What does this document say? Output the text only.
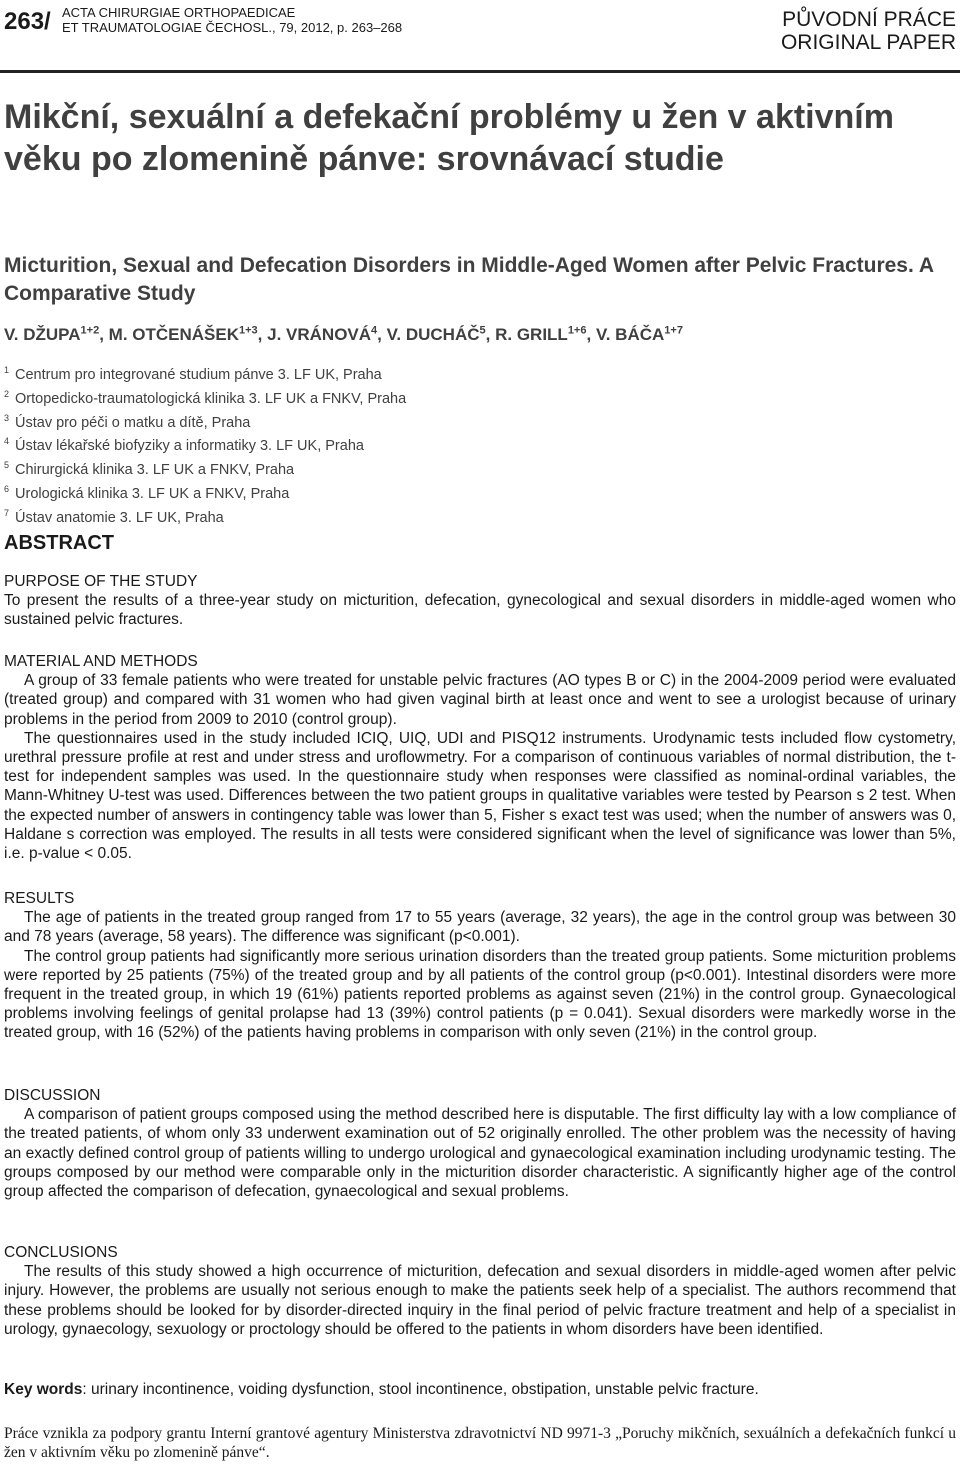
263/ ACTA CHIRURGIAE ORTHOPAEDICAE
ET TRAUMATOLOGIAE ČECHOSL., 79, 2012, p. 263–268	PŮVODNÍ PRÁCE
ORIGINAL PAPER
Mikční, sexuální a defekační problémy u žen v aktivním věku po zlomenině pánve: srovnávací studie
Micturition, Sexual and Defecation Disorders in Middle-Aged Women after Pelvic Fractures. A Comparative Study
V. $DŽUPA^{1+2}$, M. $OTČENÁŠEK^{1+3}$, J. VRÁNOVÁ$^4$, V. DUCHÁČ$^5$, R. $GRILL^{1+6}$, V. $BÁČA^{1+7}$
$^1$ Centrum pro integrované studium pánve 3. LF UK, Praha
$^2$ Ortopedicko-traumatologická klinika 3. LF UK a FNKV, Praha
$^3$ Ústav pro péči o matku a dítě, Praha
$^4$ Ústav lékařské biofyziky a informatiky 3. LF UK, Praha
$^5$ Chirurgická klinika 3. LF UK a FNKV, Praha
$^6$ Urologická klinika 3. LF UK a FNKV, Praha
$^7$ Ústav anatomie 3. LF UK, Praha
ABSTRACT
PURPOSE OF THE STUDY

To present the results of a three-year study on micturition, defecation, gynecological and sexual disorders in middle-aged women who sustained pelvic fractures.

MATERIAL AND METHODS

A group of 33 female patients who were treated for unstable pelvic fractures (AO types B or C) in the 2004-2009 period were evaluated (treated group) and compared with 31 women who had given vaginal birth at least once and went to see a urologist because of urinary problems in the period from 2009 to 2010 (control group).

The questionnaires used in the study included ICIQ, UIQ, UDI and PISQ12 instruments. Urodynamic tests included flow cystometry, urethral pressure profile at rest and under stress and uroflowmetry. For a comparison of continuous variables of normal distribution, the t-test for independent samples was used. In the questionnaire study when responses were classified as nominal-ordinal variables, the Mann-Whitney U-test was used. Differences between the two patient groups in qualitative variables were tested by Pearson s 2 test. When the expected number of answers in contingency table was lower than 5, Fisher s exact test was used; when the number of answers was 0, Haldane s correction was employed. The results in all tests were considered significant when the level of significance was lower than 5%, i.e. p-value < 0.05.

RESULTS

The age of patients in the treated group ranged from 17 to 55 years (average, 32 years), the age in the control group was between 30 and 78 years (average, 58 years). The difference was significant (p<0.001).

The control group patients had significantly more serious urination disorders than the treated group patients. Some micturition problems were reported by 25 patients (75%) of the treated group and by all patients of the control group (p<0.001). Intestinal disorders were more frequent in the treated group, in which 19 (61%) patients reported problems as against seven (21%) in the control group. Gynaecological problems involving feelings of genital prolapse had 13 (39%) control patients (p = 0.041). Sexual disorders were markedly worse in the treated group, with 16 (52%) of the patients having problems in comparison with only seven (21%) in the control group.

DISCUSSION

A comparison of patient groups composed using the method described here is disputable. The first difficulty lay with a low compliance of the treated patients, of whom only 33 underwent examination out of 52 originally enrolled. The other problem was the necessity of having an exactly defined control group of patients willing to undergo urological and gynaecological examination including urodynamic testing. The groups composed by our method were comparable only in the micturition disorder characteristic. A significantly higher age of the control group affected the comparison of defecation, gynaecological and sexual problems.

CONCLUSIONS

The results of this study showed a high occurrence of micturition, defecation and sexual disorders in middle-aged women after pelvic injury. However, the problems are usually not serious enough to make the patients seek help of a specialist. The authors recommend that these problems should be looked for by disorder-directed inquiry in the final period of pelvic fracture treatment and help of a specialist in urology, gynaecology, sexuology or proctology should be offered to the patients in whom disorders have been identified.

Key words: urinary incontinence, voiding dysfunction, stool incontinence, obstipation, unstable pelvic fracture.
Práce vznikla za podpory grantu Interní grantové agentury Ministerstva zdravotnictví ND 9971-3 „Poruchy mikčních, sexuálních a defekačních funkcí u žen v aktivním věku po zlomenině pánve“.
